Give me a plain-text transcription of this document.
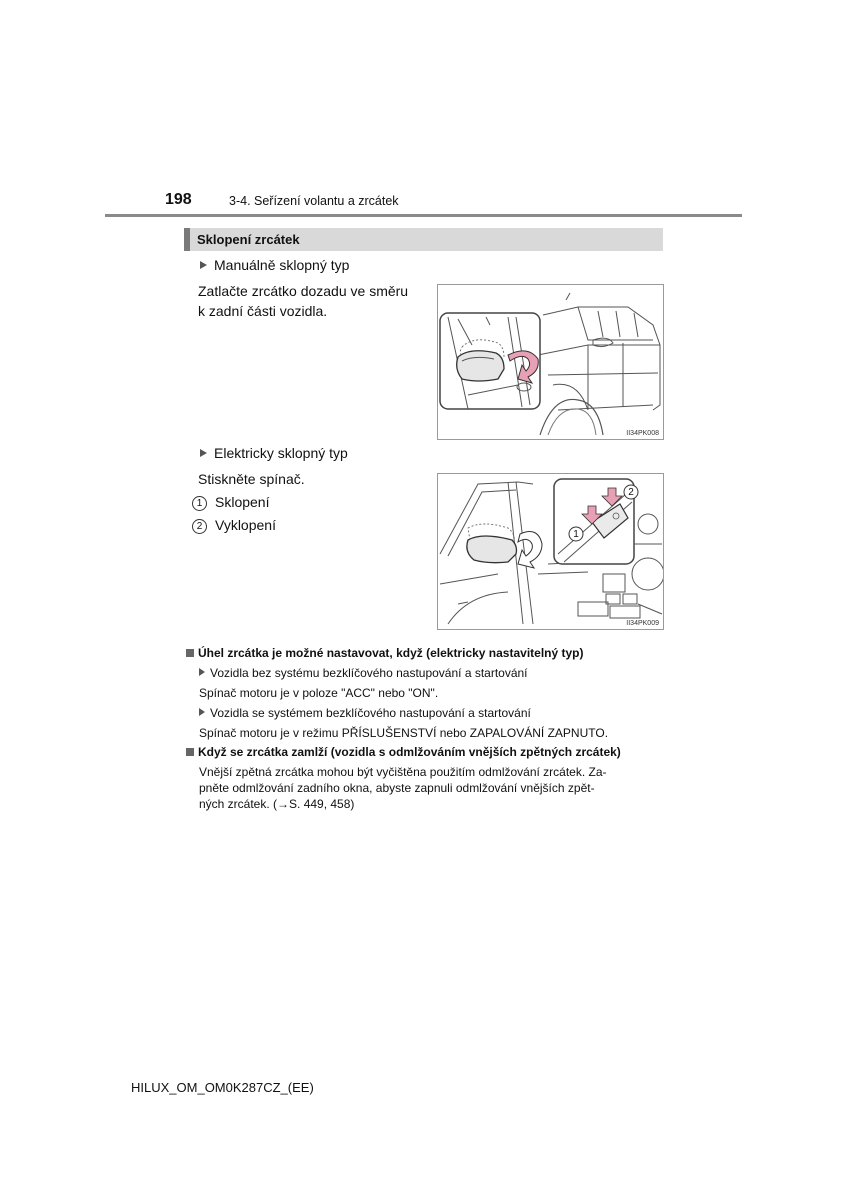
198	3-4. Seřízení volantu a zrcátek
Sklopení zrcátek
Manuálně sklopný typ
Zatlačte zrcátko dozadu ve směru
k zadní části vozidla.
II34PK008
Elektricky sklopný typ
Stiskněte spínač.
1 Sklopení
2 Vyklopení
2
1
II34PK009
Úhel zrcátka je možné nastavovat, když (elektricky nastavitelný typ)
Vozidla bez systému bezklíčového nastupování a startování
Spínač motoru je v poloze "ACC" nebo "ON".
Vozidla se systémem bezklíčového nastupování a startování
Spínač motoru je v režimu PŘÍSLUŠENSTVÍ nebo ZAPALOVÁNÍ ZAPNUTO.
Když se zrcátka zamlží (vozidla s odmlžováním vnějších zpětných zrcátek)
Vnější zpětná zrcátka mohou být vyčištěna použitím odmlžování zrcátek. Za-
pněte odmlžování zadního okna, abyste zapnuli odmlžování vnějších zpět-
ných zrcátek. (→S. 449, 458)
HILUX_OM_OM0K287CZ_(EE)
